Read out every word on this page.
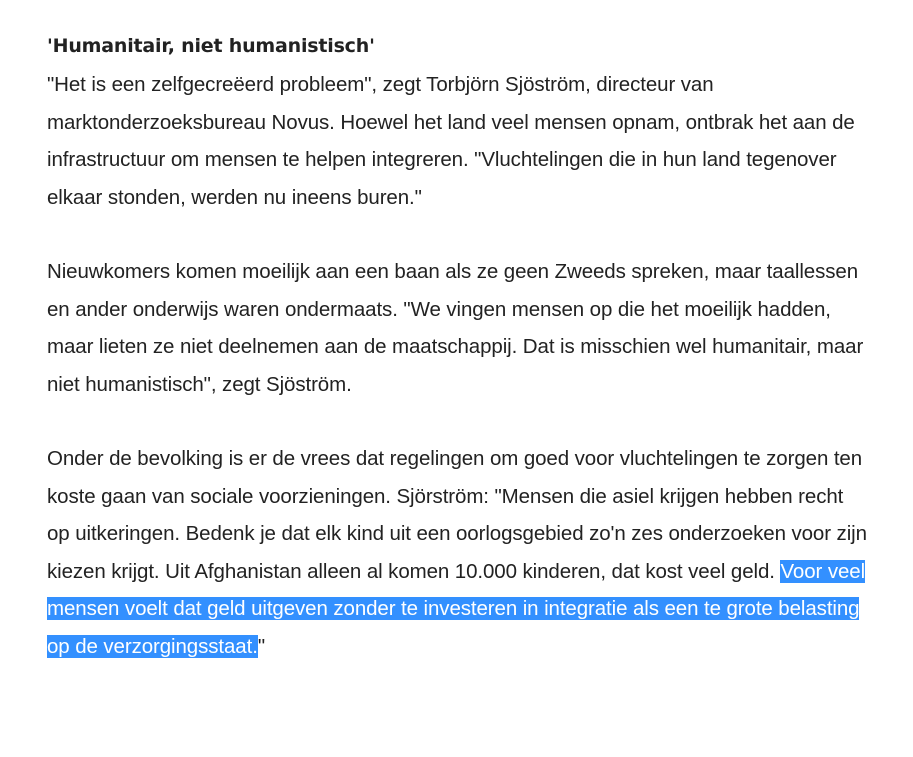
'Humanitair, niet humanistisch'

"Het is een zelfgecreëerd probleem", zegt Torbjörn Sjöström, directeur van marktonderzoeksbureau Novus. Hoewel het land veel mensen opnam, ontbrak het aan de infrastructuur om mensen te helpen integreren. "Vluchtelingen die in hun land tegenover elkaar stonden, werden nu ineens buren."

Nieuwkomers komen moeilijk aan een baan als ze geen Zweeds spreken, maar taallessen en ander onderwijs waren ondermaats. "We vingen mensen op die het moeilijk hadden, maar lieten ze niet deelnemen aan de maatschappij. Dat is misschien wel humanitair, maar niet humanistisch", zegt Sjöström.

Onder de bevolking is er de vrees dat regelingen om goed voor vluchtelingen te zorgen ten koste gaan van sociale voorzieningen. Sjörström: "Mensen die asiel krijgen hebben recht op uitkeringen. Bedenk je dat elk kind uit een oorlogsgebied zo'n zes onderzoeken voor zijn kiezen krijgt. Uit Afghanistan alleen al komen 10.000 kinderen, dat kost veel geld. Voor veel mensen voelt dat geld uitgeven zonder te investeren in integratie als een te grote belasting op de verzorgingsstaat."
